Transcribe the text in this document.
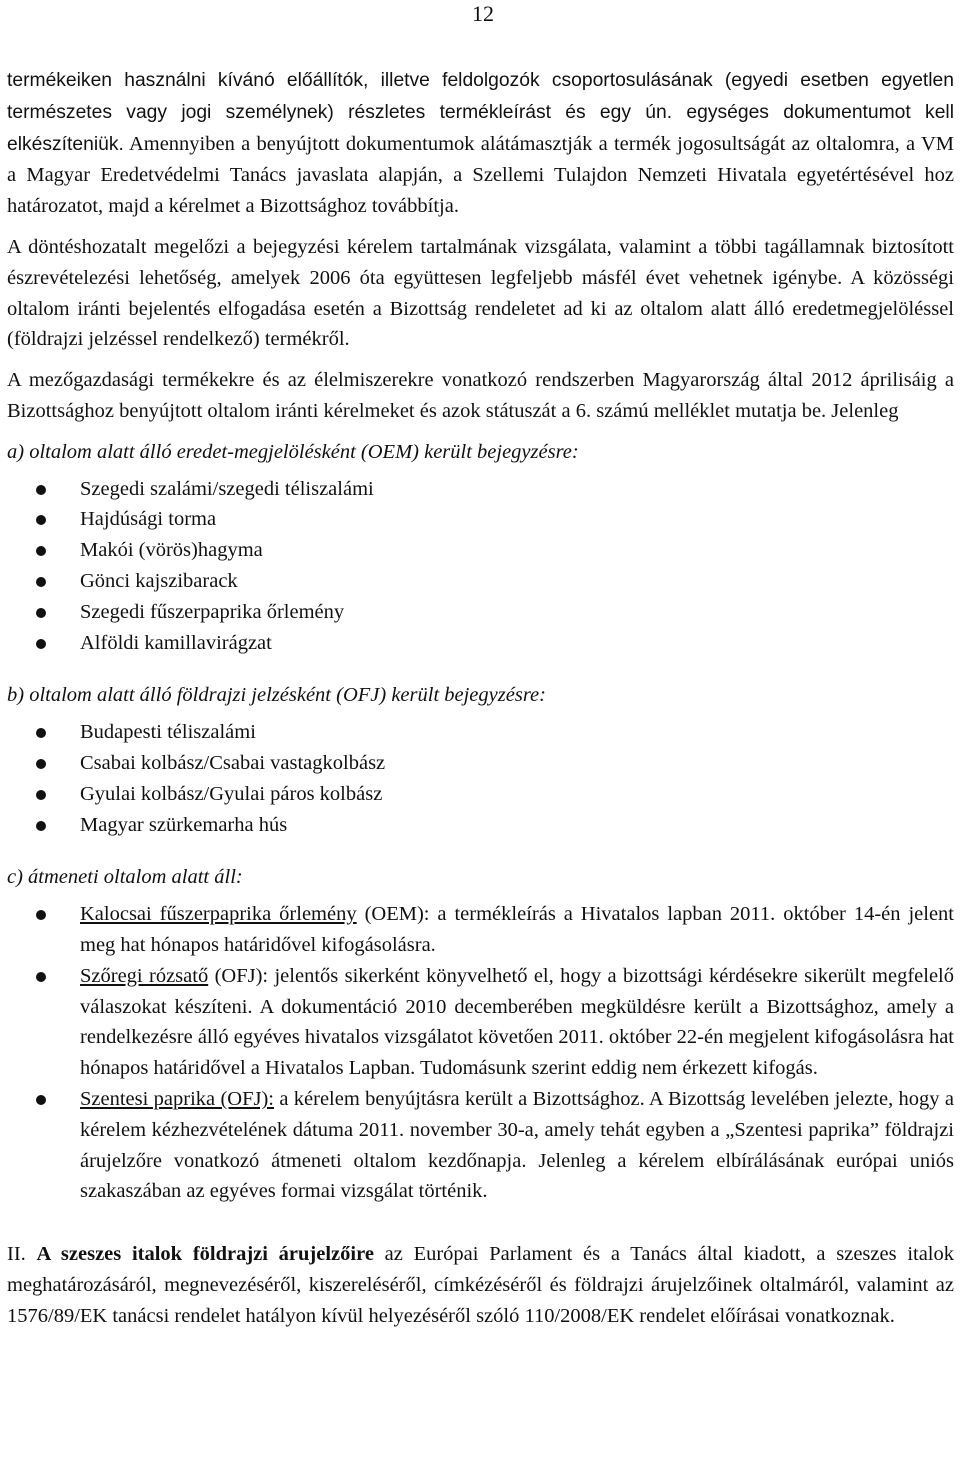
12

termékeiken használni kívánó előállítók, illetve feldolgozók csoportosulásának (egyedi esetben egyetlen természetes vagy jogi személynek) részletes termékleírást és egy ún. egységes dokumentumot kell elkészíteniük. Amennyiben a benyújtott dokumentumok alátámasztják a termék jogosultságát az oltalomra, a VM a Magyar Eredetvédelmi Tanács javaslata alapján, a Szellemi Tulajdon Nemzeti Hivatala egyetértésével hoz határozatot, majd a kérelmet a Bizottsághoz továbbítja.

A döntéshozatalt megelőzi a bejegyzési kérelem tartalmának vizsgálata, valamint a többi tagállamnak biztosított észrevételezési lehetőség, amelyek 2006 óta együttesen legfeljebb másfél évet vehetnek igénybe. A közösségi oltalom iránti bejelentés elfogadása esetén a Bizottság rendeletet ad ki az oltalom alatt álló eredetmegjelöléssel (földrajzi jelzéssel rendelkező) termékről.

A mezőgazdasági termékekre és az élelmiszerekre vonatkozó rendszerben Magyarország által 2012 áprilisáig a Bizottsághoz benyújtott oltalom iránti kérelmeket és azok státuszát a 6. számú melléklet mutatja be. Jelenleg

a) oltalom alatt álló eredet-megjelölésként (OEM) került bejegyzésre:
Szegedi szalámi/szegedi téliszalámi
Hajdúsági torma
Makói (vörös)hagyma
Gönci kajszibarack
Szegedi fűszerpaprika őrlemény
Alföldi kamillavirágzat
b) oltalom alatt álló földrajzi jelzésként (OFJ) került bejegyzésre:
Budapesti téliszalámi
Csabai kolbász/Csabai vastagkolbász
Gyulai kolbász/Gyulai páros kolbász
Magyar szürkemarha hús
c) átmeneti oltalom alatt áll:
Kalocsai fűszerpaprika őrlemény (OEM): a termékleírás a Hivatalos lapban 2011. október 14-én jelent meg hat hónapos határidővel kifogásolásra.
Szőregi rózsatő (OFJ): jelentős sikerként könyvelhető el, hogy a bizottsági kérdésekre sikerült megfelelő válaszokat készíteni. A dokumentáció 2010 decemberében megküldésre került a Bizottsághoz, amely a rendelkezésre álló egyéves hivatalos vizsgálatot követően 2011. október 22-én megjelent kifogásolásra hat hónapos határidővel a Hivatalos Lapban. Tudomásunk szerint eddig nem érkezett kifogás.
Szentesi paprika (OFJ): a kérelem benyújtásra került a Bizottsághoz. A Bizottság levelében jelezte, hogy a kérelem kézhezvételének dátuma 2011. november 30-a, amely tehát egyben a „Szentesi paprika” földrajzi árujelzőre vonatkozó átmeneti oltalom kezdőnapja. Jelenleg a kérelem elbírálásának európai uniós szakaszában az egyéves formai vizsgálat történik.

II. A szeszes italok földrajzi árujelzőire az Európai Parlament és a Tanács által kiadott, a szeszes italok meghatározásáról, megnevezéséről, kiszereléséről, címkézéséről és földrajzi árujelzőinek oltalmáról, valamint az 1576/89/EK tanácsi rendelet hatályon kívül helyezéséről szóló 110/2008/EK rendelet előírásai vonatkoznak.
